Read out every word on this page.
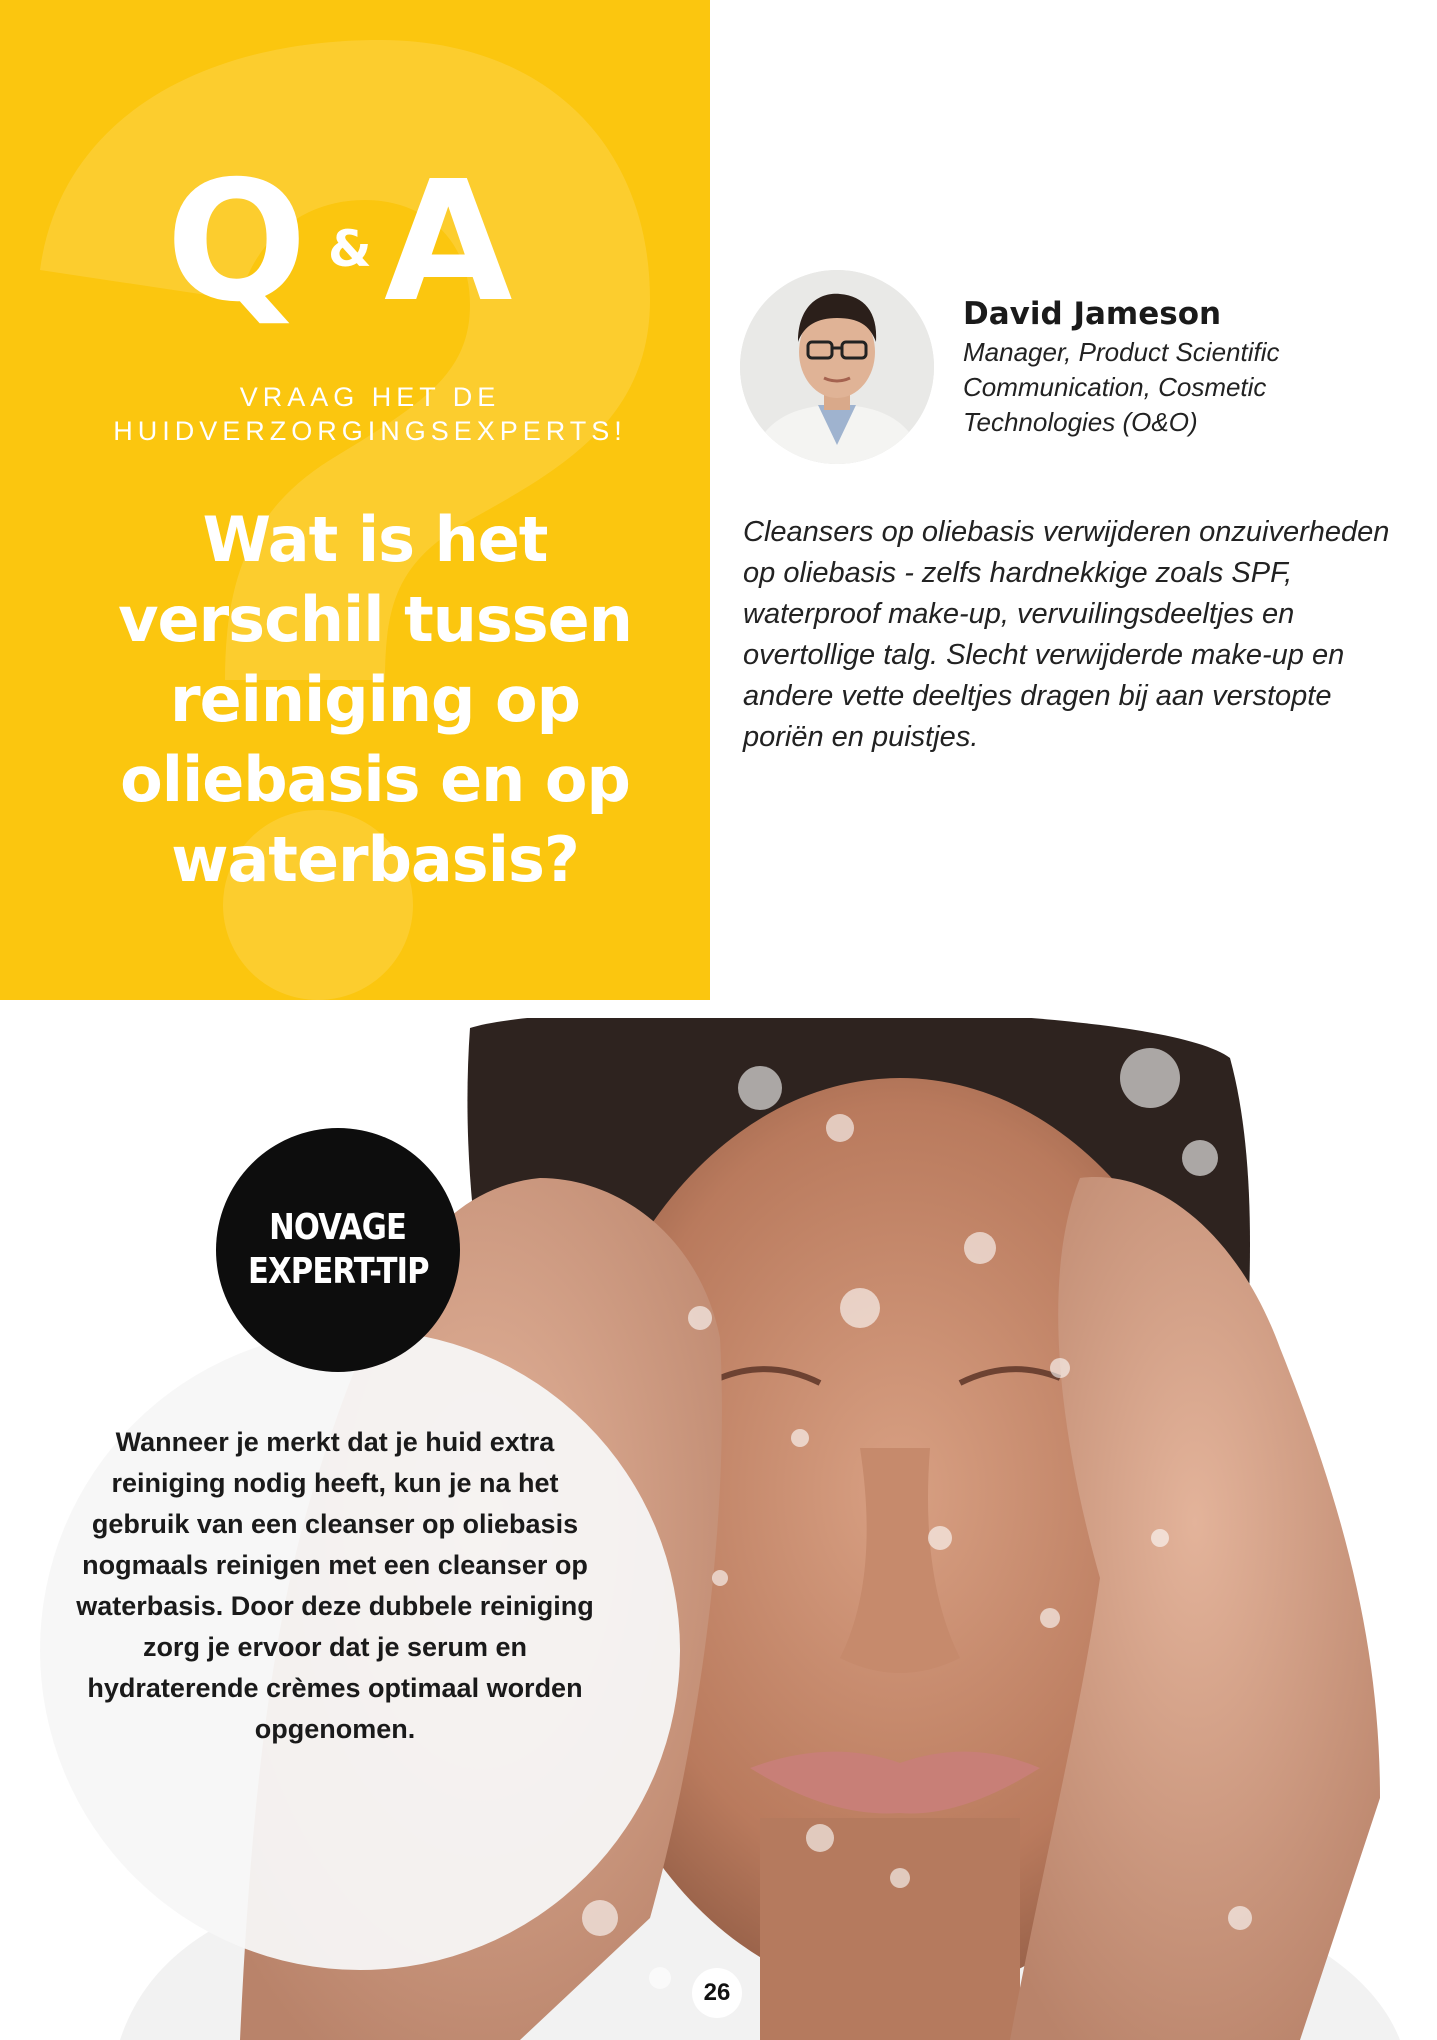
Q & A
VRAAG HET DE
HUIDVERZORGINGSEXPERTS!
Wat is het verschil tussen reiniging op oliebasis en op waterbasis?
David Jameson
Manager, Product Scientific Communication, Cosmetic Technologies (O&O)
Cleansers op oliebasis verwijderen onzuiverheden op oliebasis - zelfs hardnekkige zoals SPF, waterproof make-up, vervuilingsdeeltjes en overtollige talg. Slecht verwijderde make-up en andere vette deeltjes dragen bij aan verstopte poriën en puistjes.
NOVAGE
EXPERT-TIP
Wanneer je merkt dat je huid extra reiniging nodig heeft, kun je na het gebruik van een cleanser op oliebasis nogmaals reinigen met een cleanser op waterbasis. Door deze dubbele reiniging zorg je ervoor dat je serum en hydraterende crèmes optimaal worden opgenomen.
26
